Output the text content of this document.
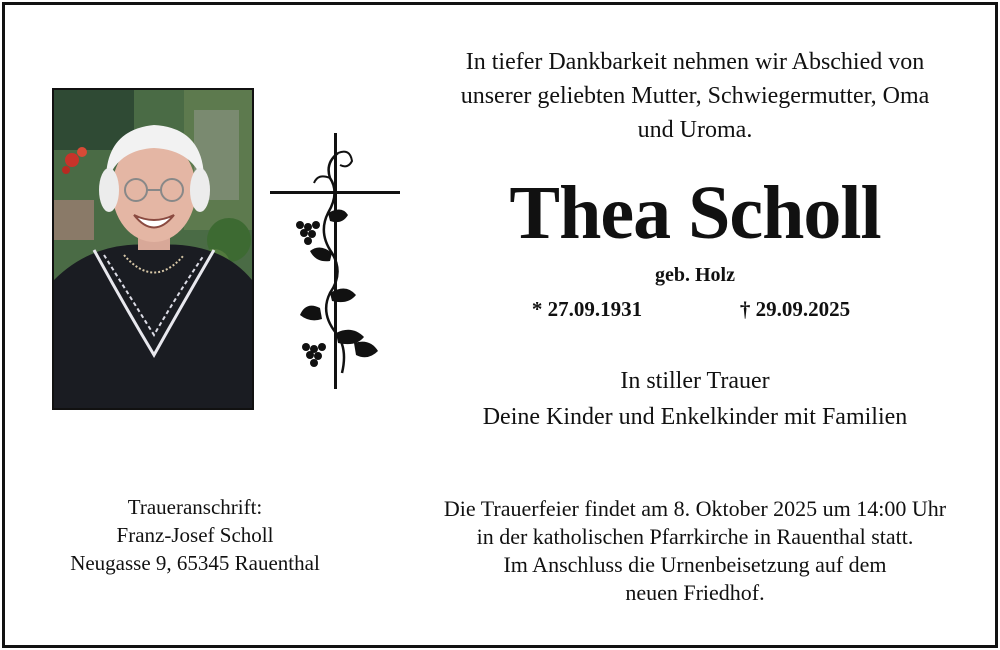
In tiefer Dankbarkeit nehmen wir Abschied von
unserer geliebten Mutter, Schwiegermutter, Oma
und Uroma.
Thea Scholl
geb. Holz
* 27.09.1931	† 29.09.2025
In stiller Trauer
Deine Kinder und Enkelkinder mit Familien
Traueranschrift:
Franz-Josef Scholl
Neugasse 9, 65345 Rauenthal
Die Trauerfeier findet am 8. Oktober 2025 um 14:00 Uhr
in der katholischen Pfarrkirche in Rauenthal statt.
Im Anschluss die Urnenbeisetzung auf dem
neuen Friedhof.
